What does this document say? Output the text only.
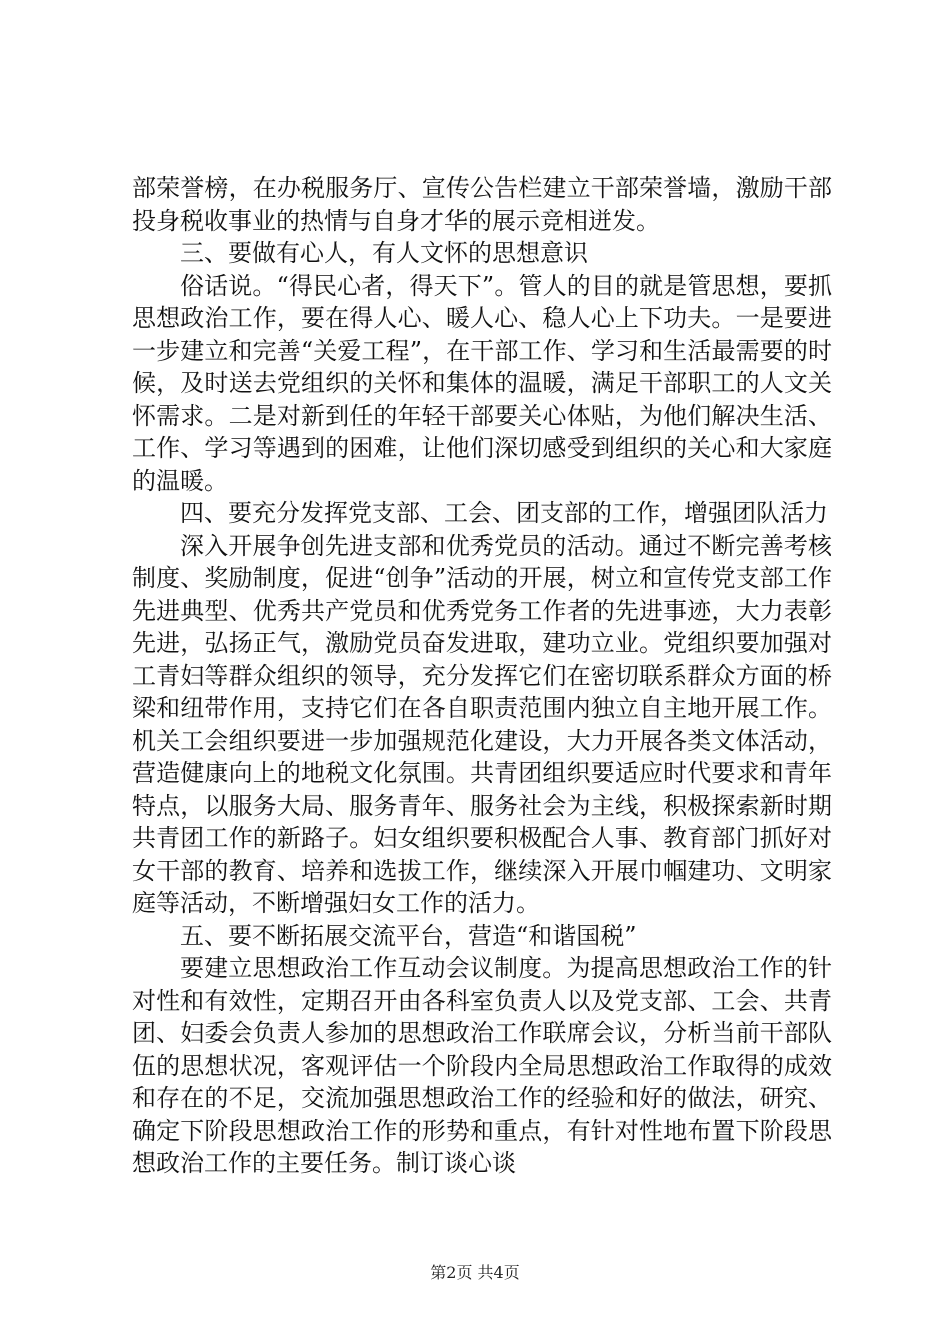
部荣誉榜，在办税服务厅、宣传公告栏建立干部荣誉墙，激励干部投身税收事业的热情与自身才华的展示竞相迸发。

三、要做有心人，有人文怀的思想意识

俗话说。“得民心者，得天下”。管人的目的就是管思想，要抓思想政治工作，要在得人心、暖人心、稳人心上下功夫。一是要进一步建立和完善“关爱工程”，在干部工作、学习和生活最需要的时候，及时送去党组织的关怀和集体的温暖，满足干部职工的人文关怀需求。二是对新到任的年轻干部要关心体贴，为他们解决生活、工作、学习等遇到的困难，让他们深切感受到组织的关心和大家庭的温暖。

四、要充分发挥党支部、工会、团支部的工作，增强团队活力

深入开展争创先进支部和优秀党员的活动。通过不断完善考核制度、奖励制度，促进“创争”活动的开展，树立和宣传党支部工作先进典型、优秀共产党员和优秀党务工作者的先进事迹，大力表彰先进，弘扬正气，激励党员奋发进取，建功立业。党组织要加强对工青妇等群众组织的领导，充分发挥它们在密切联系群众方面的桥梁和纽带作用，支持它们在各自职责范围内独立自主地开展工作。机关工会组织要进一步加强规范化建设，大力开展各类文体活动，营造健康向上的地税文化氛围。共青团组织要适应时代要求和青年特点，以服务大局、服务青年、服务社会为主线，积极探索新时期共青团工作的新路子。妇女组织要积极配合人事、教育部门抓好对女干部的教育、培养和选拔工作，继续深入开展巾帼建功、文明家庭等活动，不断增强妇女工作的活力。

五、要不断拓展交流平台，营造“和谐国税”

要建立思想政治工作互动会议制度。为提高思想政治工作的针对性和有效性，定期召开由各科室负责人以及党支部、工会、共青团、妇委会负责人参加的思想政治工作联席会议，分析当前干部队伍的思想状况，客观评估一个阶段内全局思想政治工作取得的成效和存在的不足，交流加强思想政治工作的经验和好的做法，研究、确定下阶段思想政治工作的形势和重点，有针对性地布置下阶段思想政治工作的主要任务。制订谈心谈

第2页 共4页
